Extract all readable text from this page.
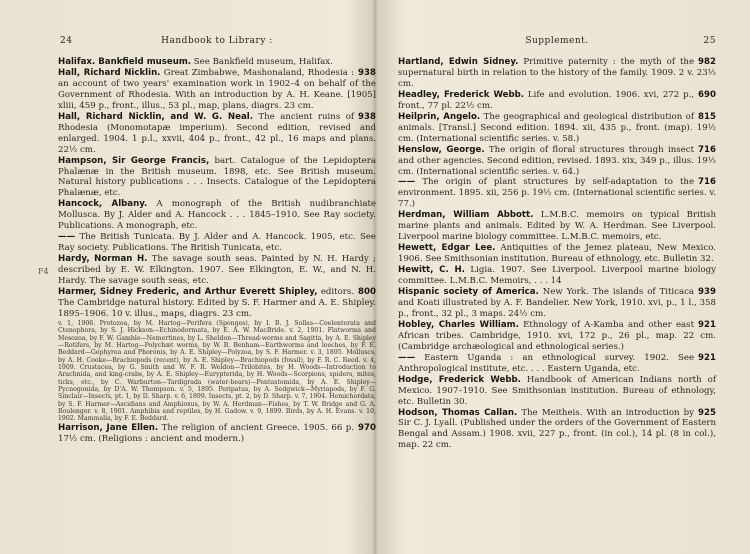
24	Handbook to Library :
Halifax. Bankfield museum. See Bankfield museum, Halifax.
938
Hall, Richard Nicklin. Great Zimbabwe, Mashonaland, Rhodesia : an account of two years' examination work in 1902–4 on behalf of the Government of Rhodesia. With an introduction by A. H. Keane. [1905] xliii, 459 p., front., illus., 53 pl., map, plans, diagrs. 23 cm.
938
Hall, Richard Nicklin, and W. G. Neal. The ancient ruins of Rhodesia (Monomotapæ imperium). Second edition, revised and enlarged. 1904. 1 p.l., xxvii, 404 p., front., 42 pl., 16 maps and plans. 22½ cm.
Hampson, Sir George Francis, bart. Catalogue of the Lepidoptera Phalænæ in the British museum. 1898, etc. See British museum. Natural history publications . . . Insects. Catalogue of the Lepidoptera Phalænæ, etc.
Hancock, Albany. A monograph of the British nudibranchiate Mollusca. By J. Alder and A. Hancock . . . 1845–1910. See Ray society. Publications. A monograph, etc.
—— The British Tunicata. By J. Alder and A. Hancock. 1905, etc. See Ray society. Publications. The British Tunicata, etc.
Hardy, Norman H. The savage south seas. Painted by N. H. Hardy ; described by E. W. Elkington. 1907. See Elkington, E. W., and N. H. Hardy. The savage south seas, etc.
800
Harmer, Sidney Frederic, and Arthur Everett Shipley, editors. The Cambridge natural history. Edited by S. F. Harmer and A. E. Shipley. 1895–1906. 10 v. illus., maps, diagrs. 23 cm.
v. 1, 1906. Protozoa, by M. Hartog—Porifera (Sponges), by I. B. J. Sollas—Coelenterata and Ctenophora, by S. J. Hickson—Echinodermata, by E. A. W. MacBride. v. 2, 1901. Flatworms and Mesozoa, by F. W. Gamble—Nemertines, by L. Sheldon—Thread-worms and Sagitta, by A. E. Shipley—Rotifers, by M. Hartog—Polychæt worms, by W. B. Benham—Earthworms and leeches, by F. E. Beddard—Gephyrea and Phoronis, by A. E. Shipley—Polyzoa, by S. F. Harmer. v. 3, 1895. Molluscs, by A. H. Cooke—Brachiopods (recent), by A. E. Shipley—Brachiopods (fossil), by F. R. C. Reed. v. 4, 1909. Crustacea, by G. Smith and W. F. R. Weldon—Trilobites, by H. Woods—Introduction to Arachnida, and king-crabs, by A. E. Shipley—Eurypterida, by H. Woods—Scorpions, spiders, mites, ticks, etc., by C. Warburton—Tardigrada (water-bears)—Pentastomida, by A. E. Shipley—Pycnogonida, by D'A. W. Thompson. v. 5, 1895. Peripatus, by A. Sedgwick—Myriapods, by F. G. Sinclair—Insects, pt. 1, by D. Sharp. v. 6, 1899. Insects, pt. 2, by D. Sharp. v. 7, 1904. Hemichordata, by S. F. Harmer—Ascidians and Amphioxus, by W. A. Herdman—Fishes, by T. W. Bridge and G. A. Boulenger. v. 8, 1901. Amphibia and reptiles, by H. Gadow. v. 9, 1899. Birds, by A. H. Evans. v. 10, 1902. Mammalia, by F. E. Beddard.
970
Harrison, Jane Ellen. The religion of ancient Greece. 1905. 66 p. 17½ cm. (Religions : ancient and modern.)
F4
Supplement.	25
982
Hartland, Edwin Sidney. Primitive paternity : the myth of the supernatural birth in relation to the history of the family. 1909. 2 v. 23½ cm.
690
Headley, Frederick Webb. Life and evolution. 1906. xvi, 272 p., front., 77 pl. 22½ cm.
815
Heilprin, Angelo. The geographical and geological distribution of animals. [Transl.] Second edition. 1894. xii, 435 p., front. (map). 19½ cm. (International scientific series. v. 58.)
716
Henslow, George. The origin of floral structures through insect and other agencies. Second edition, revised. 1893. xix, 349 p., illus. 19½ cm. (International scientific series. v. 64.)
716
—— The origin of plant structures by self-adaptation to the environment. 1895. xii, 256 p. 19½ cm. (International scientific series. v. 77.)
Herdman, William Abbott. L.M.B.C. memoirs on typical British marine plants and animals. Edited by W. A. Herdman. See Liverpool. Liverpool marine biology committee. L.M.B.C. memoirs, etc.
Hewett, Edgar Lee. Antiquities of the Jemez plateau, New Mexico. 1906. See Smithsonian institution. Bureau of ethnology, etc. Bulletin 32.
Hewitt, C. H. Ligia. 1907. See Liverpool. Liverpool marine biology committee. L.M.B.C. Memoirs, . . . 14
939
Hispanic society of America. New York. The islands of Titicaca and Koati illustrated by A. F. Bandelier. New York, 1910. xvi, p., 1 l., 358 p., front., 32 pl., 3 maps. 24½ cm.
921
Hobley, Charles William. Ethnology of A-Kamba and other east African tribes. Cambridge, 1910. xvi, 172 p., 26 pl., map. 22 cm. (Cambridge archæological and ethnological series.)
921
—— Eastern Uganda : an ethnological survey. 1902. See Anthropological institute, etc. . . . Eastern Uganda, etc.
Hodge, Frederick Webb. Handbook of American Indians north of Mexico. 1907–1910. See Smithsonian institution. Bureau of ethnology, etc. Bulletin 30.
925
Hodson, Thomas Callan. The Meitheis. With an introduction by Sir C. J. Lyall. (Published under the orders of the Government of Eastern Bengal and Assam.) 1908. xvii, 227 p., front. (in col.), 14 pl. (8 in col.), map. 22 cm.
